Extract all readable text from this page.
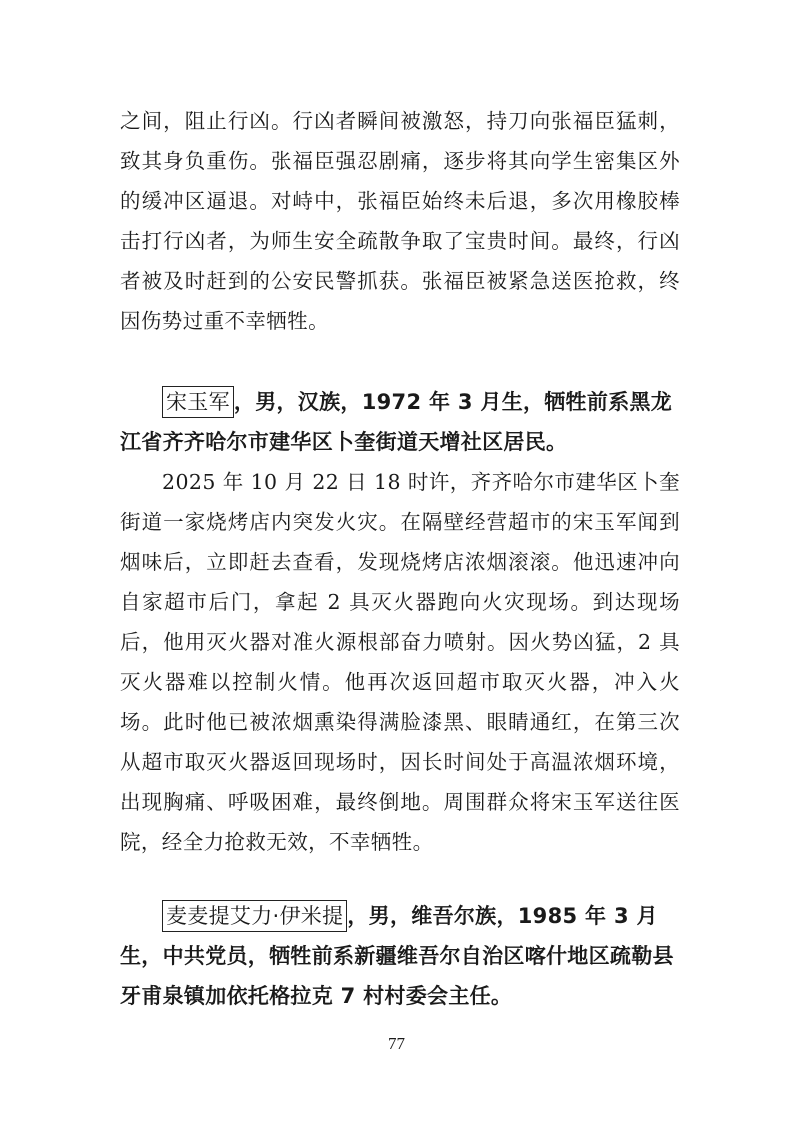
之间，阻止行凶。行凶者瞬间被激怒，持刀向张福臣猛刺，致其身负重伤。张福臣强忍剧痛，逐步将其向学生密集区外的缓冲区逼退。对峙中，张福臣始终未后退，多次用橡胶棒击打行凶者，为师生安全疏散争取了宝贵时间。最终，行凶者被及时赶到的公安民警抓获。张福臣被紧急送医抢救，终因伤势过重不幸牺牲。

宋玉军 ，男，汉族，1972 年 3 月生，牺牲前系黑龙江省齐齐哈尔市建华区卜奎街道天增社区居民。

2025 年 10 月 22 日 18 时许，齐齐哈尔市建华区卜奎街道一家烧烤店内突发火灾。在隔壁经营超市的宋玉军闻到烟味后，立即赶去查看，发现烧烤店浓烟滚滚。他迅速冲向自家超市后门，拿起 2 具灭火器跑向火灾现场。到达现场后，他用灭火器对准火源根部奋力喷射。因火势凶猛，2 具灭火器难以控制火情。他再次返回超市取灭火器，冲入火场。此时他已被浓烟熏染得满脸漆黑、眼睛通红，在第三次从超市取灭火器返回现场时，因长时间处于高温浓烟环境，出现胸痛、呼吸困难，最终倒地。周围群众将宋玉军送往医院，经全力抢救无效，不幸牺牲。

麦麦提艾力·伊米提 ，男，维吾尔族，1985 年 3 月生，中共党员，牺牲前系新疆维吾尔自治区喀什地区疏勒县牙甫泉镇加依托格拉克 7 村村委会主任。

77
